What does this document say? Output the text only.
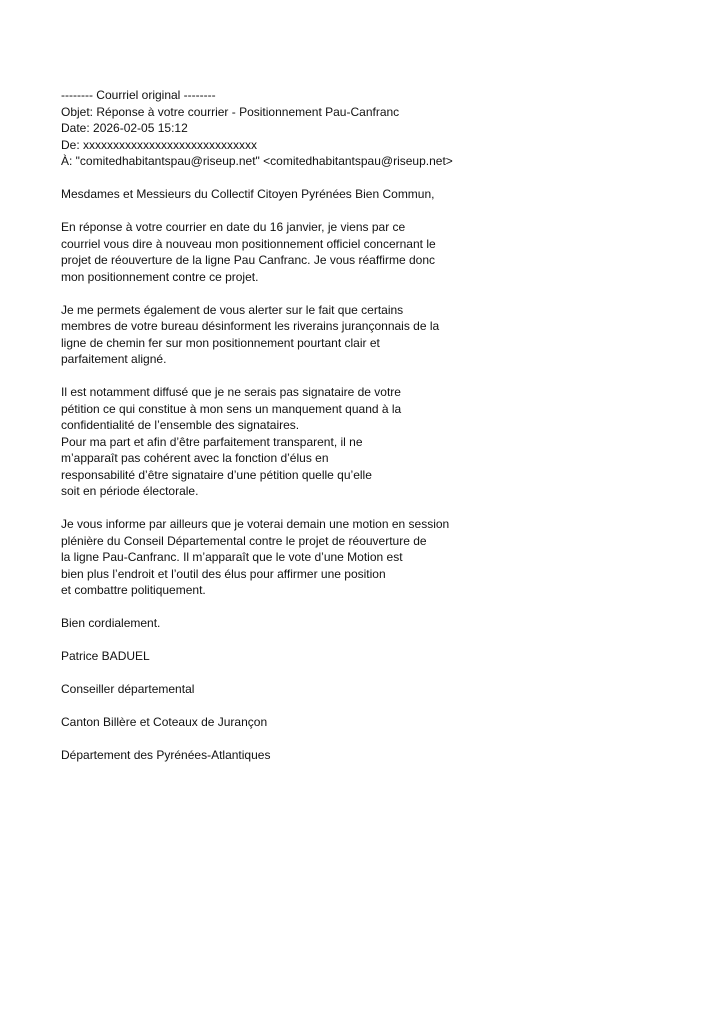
-------- Courriel original --------
Objet: Réponse à votre courrier - Positionnement Pau-Canfranc
Date: 2026-02-05 15:12
De: xxxxxxxxxxxxxxxxxxxxxxxxxxxxx
À: "comitedhabitantspau@riseup.net" <comitedhabitantspau@riseup.net>
Mesdames et Messieurs du Collectif Citoyen Pyrénées Bien Commun,
En réponse à votre courrier en date du 16 janvier, je viens par ce
courriel vous dire à nouveau mon positionnement officiel concernant le
projet de réouverture de la ligne Pau Canfranc. Je vous réaffirme donc
mon positionnement contre ce projet.
Je me permets également de vous alerter sur le fait que certains
membres de votre bureau désinforment les riverains jurançonnais de la
ligne de chemin fer sur mon positionnement pourtant clair et
parfaitement aligné.
Il est notamment diffusé que je ne serais pas signataire de votre
pétition ce qui constitue à mon sens un manquement quand à la
confidentialité de l’ensemble des signataires.
Pour ma part et afin d’être parfaitement transparent, il ne
m’apparaît pas cohérent avec la fonction d’élus en
responsabilité d’être signataire d’une pétition quelle qu’elle
soit en période électorale.
Je vous informe par ailleurs que je voterai demain une motion en session
plénière du Conseil Départemental contre le projet de réouverture de
la ligne Pau-Canfranc. Il m’apparaît que le vote d’une Motion est
bien plus l’endroit et l’outil des élus pour affirmer une position
et combattre politiquement.
Bien cordialement.
Patrice BADUEL
Conseiller départemental
Canton Billère et Coteaux de Jurançon
Département des Pyrénées-Atlantiques
